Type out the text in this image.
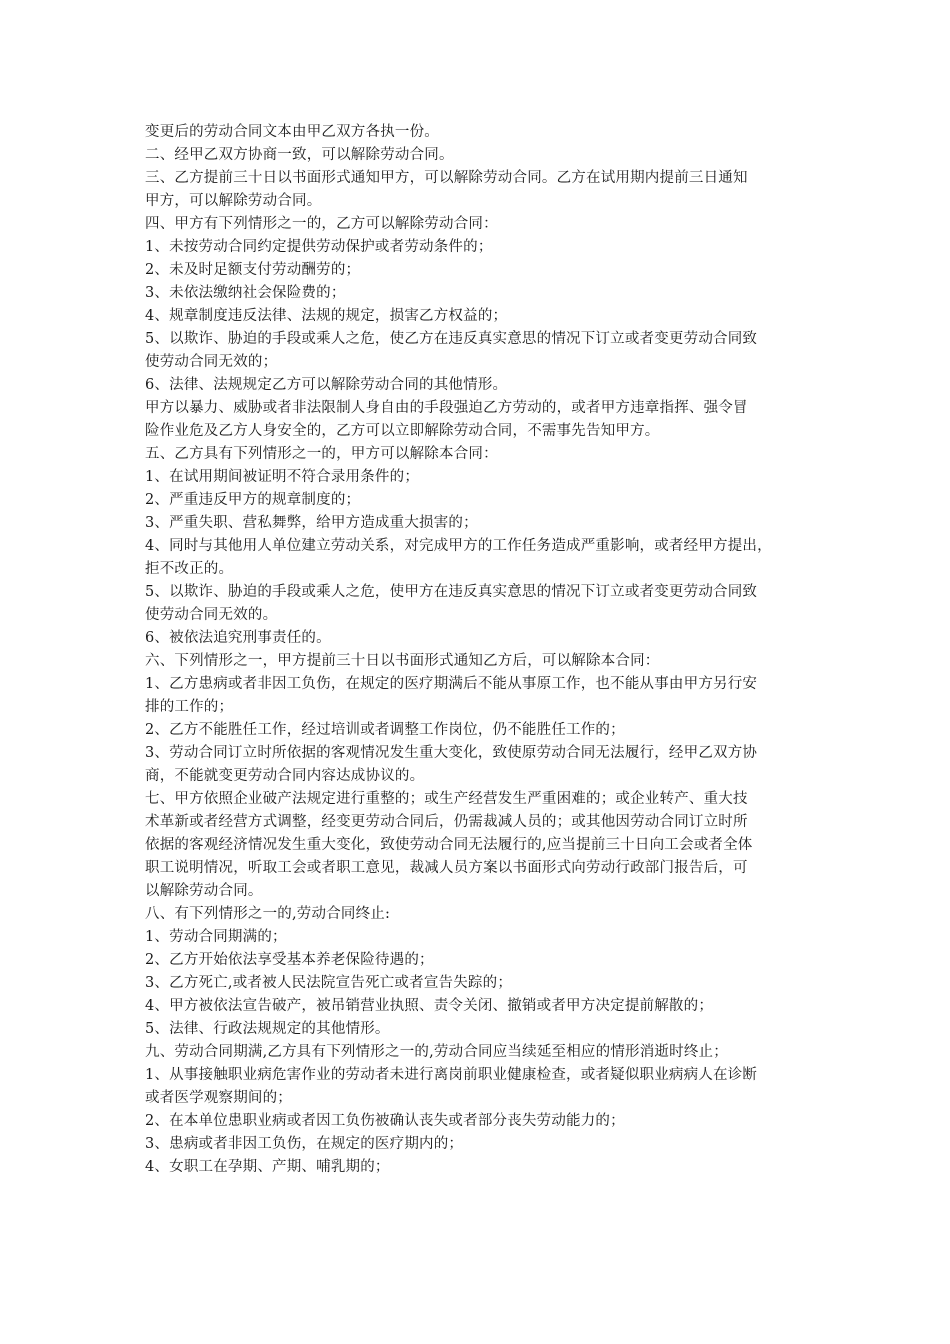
变更后的劳动合同文本由甲乙双方各执一份。
二、经甲乙双方协商一致，可以解除劳动合同。
三、乙方提前三十日以书面形式通知甲方，可以解除劳动合同。乙方在试用期内提前三日通知
甲方，可以解除劳动合同。
四、甲方有下列情形之一的，乙方可以解除劳动合同：
1、未按劳动合同约定提供劳动保护或者劳动条件的；
2、未及时足额支付劳动酬劳的；
3、未依法缴纳社会保险费的；
4、规章制度违反法律、法规的规定，损害乙方权益的；
5、以欺诈、胁迫的手段或乘人之危，使乙方在违反真实意思的情况下订立或者变更劳动合同致
使劳动合同无效的；
6、法律、法规规定乙方可以解除劳动合同的其他情形。
甲方以暴力、威胁或者非法限制人身自由的手段强迫乙方劳动的，或者甲方违章指挥、强令冒
险作业危及乙方人身安全的，乙方可以立即解除劳动合同，不需事先告知甲方。
五、乙方具有下列情形之一的，甲方可以解除本合同：
1、在试用期间被证明不符合录用条件的；
2、严重违反甲方的规章制度的；
3、严重失职、营私舞弊，给甲方造成重大损害的；
4、同时与其他用人单位建立劳动关系，对完成甲方的工作任务造成严重影响，或者经甲方提出，
拒不改正的。
5、以欺诈、胁迫的手段或乘人之危，使甲方在违反真实意思的情况下订立或者变更劳动合同致
使劳动合同无效的。
6、被依法追究刑事责任的。
六、下列情形之一，甲方提前三十日以书面形式通知乙方后，可以解除本合同：
1、乙方患病或者非因工负伤，在规定的医疗期满后不能从事原工作，也不能从事由甲方另行安
排的工作的；
2、乙方不能胜任工作，经过培训或者调整工作岗位，仍不能胜任工作的；
3、劳动合同订立时所依据的客观情况发生重大变化，致使原劳动合同无法履行，经甲乙双方协
商，不能就变更劳动合同内容达成协议的。
七、甲方依照企业破产法规定进行重整的；或生产经营发生严重困难的；或企业转产、重大技
术革新或者经营方式调整，经变更劳动合同后，仍需裁减人员的；或其他因劳动合同订立时所
依据的客观经济情况发生重大变化，致使劳动合同无法履行的,应当提前三十日向工会或者全体
职工说明情况，听取工会或者职工意见，裁减人员方案以书面形式向劳动行政部门报告后，可
以解除劳动合同。
八、有下列情形之一的,劳动合同终止:
1、劳动合同期满的；
2、乙方开始依法享受基本养老保险待遇的；
3、乙方死亡,或者被人民法院宣告死亡或者宣告失踪的；
4、甲方被依法宣告破产，被吊销营业执照、责令关闭、撤销或者甲方决定提前解散的；
5、法律、行政法规规定的其他情形。
九、劳动合同期满,乙方具有下列情形之一的,劳动合同应当续延至相应的情形消逝时终止；
1、从事接触职业病危害作业的劳动者未进行离岗前职业健康检查，或者疑似职业病病人在诊断
或者医学观察期间的；
2、在本单位患职业病或者因工负伤被确认丧失或者部分丧失劳动能力的；
3、患病或者非因工负伤，在规定的医疗期内的；
4、女职工在孕期、产期、哺乳期的；
